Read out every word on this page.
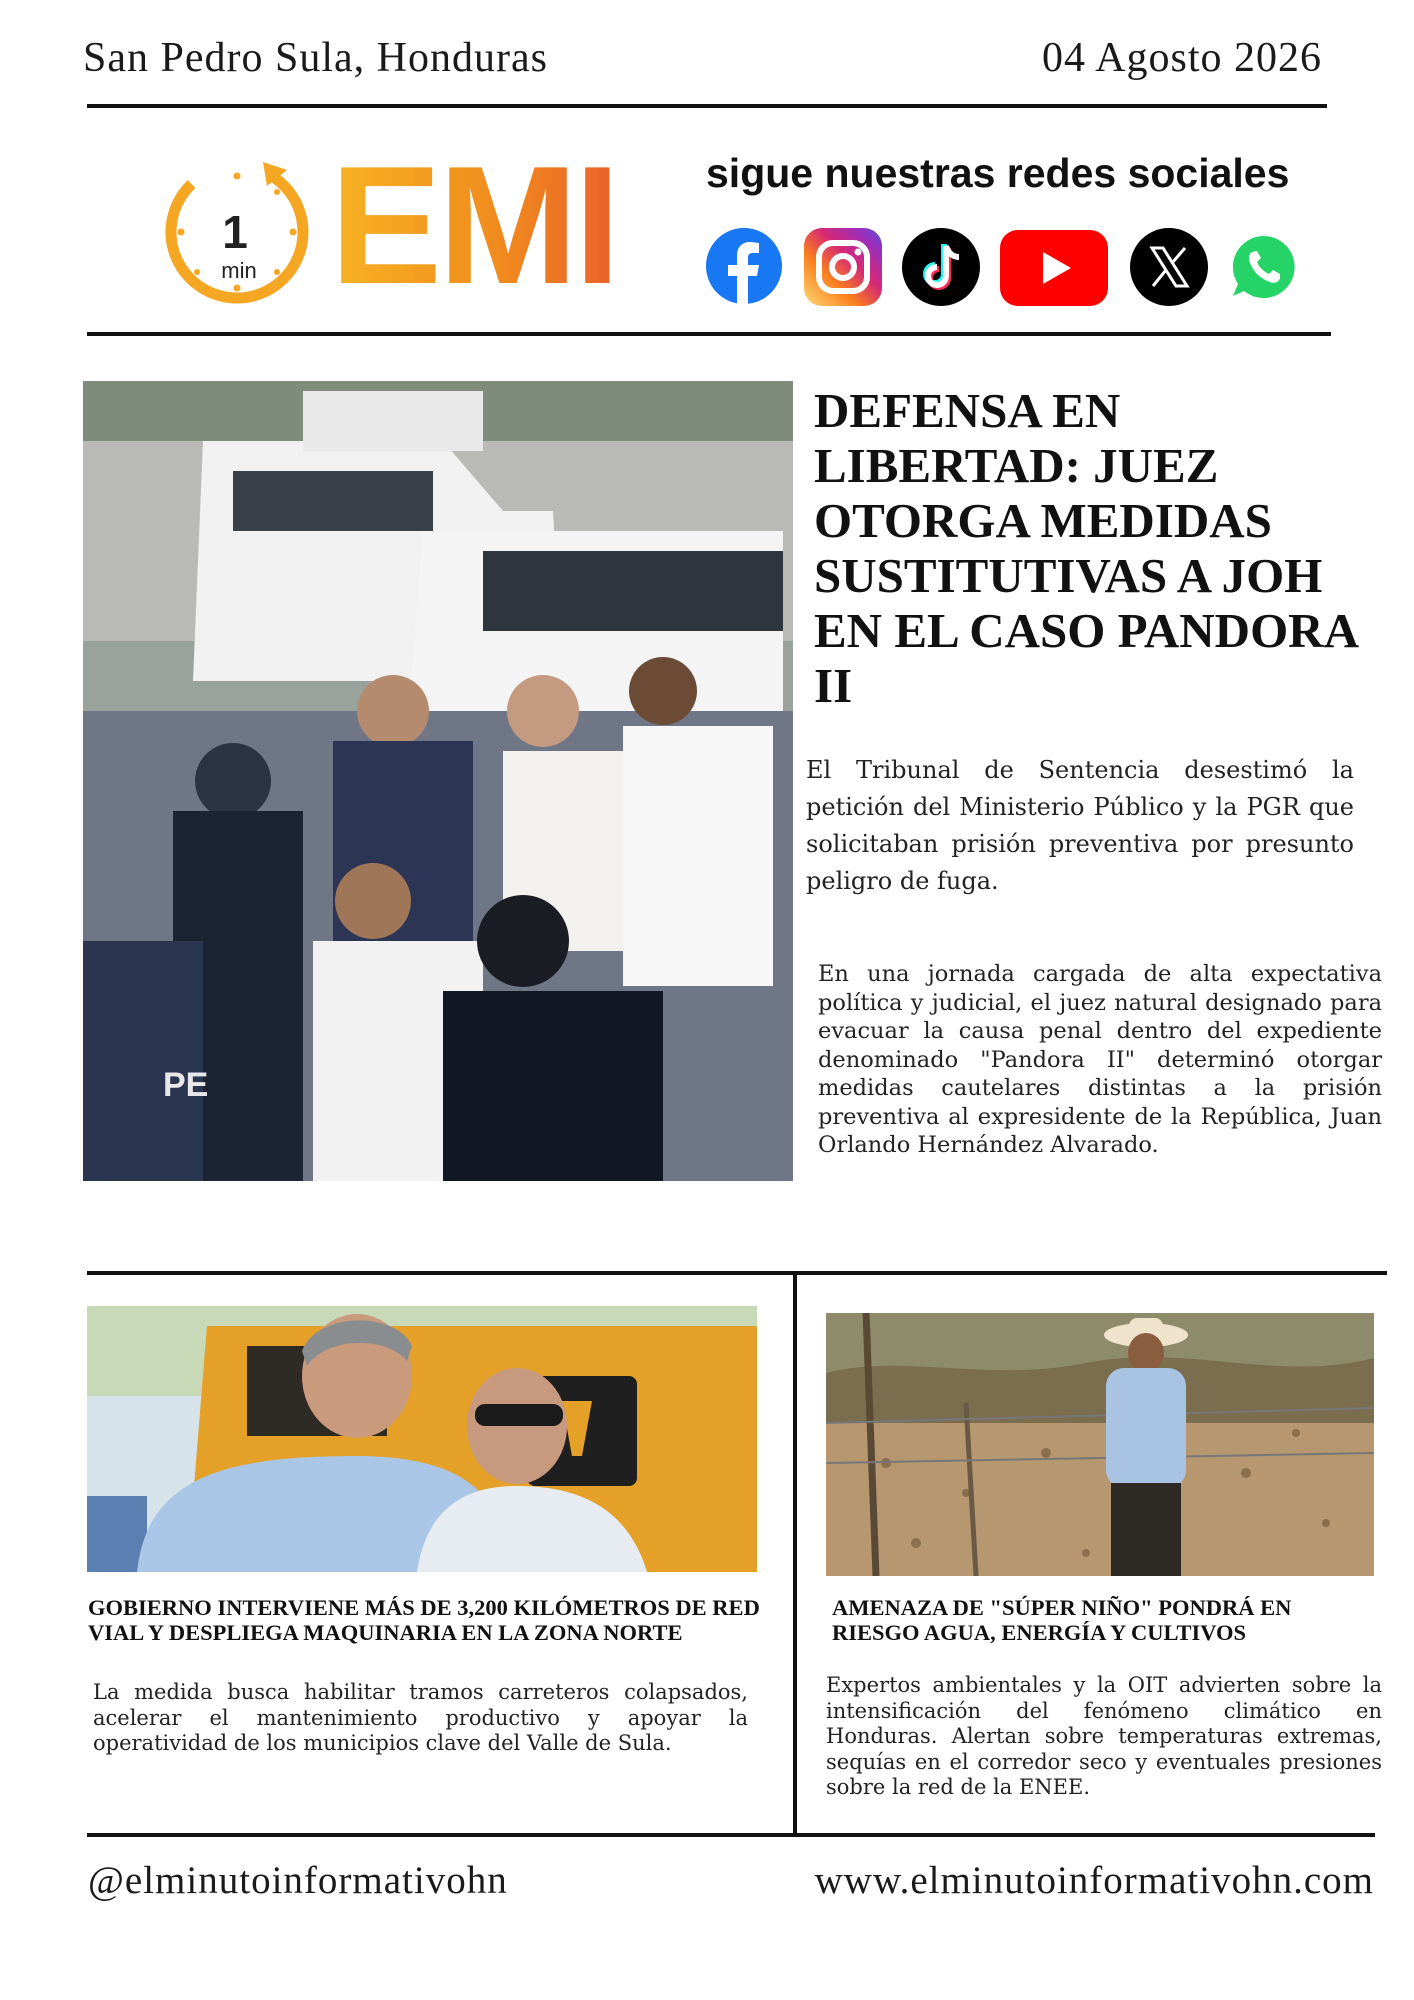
San Pedro Sula, Honduras	04 Agosto 2026
1
min EMI sigue nuestras redes sociales
PE
DEFENSA EN LIBERTAD: JUEZ OTORGA MEDIDAS SUSTITUTIVAS A JOH EN EL CASO PANDORA II
El Tribunal de Sentencia desestimó la petición del Ministerio Público y la PGR que solicitaban prisión preventiva por presunto peligro de fuga.
En una jornada cargada de alta expectativa política y judicial, el juez natural designado para evacuar la causa penal dentro del expediente denominado "Pandora II" determinó otorgar medidas cautelares distintas a la prisión preventiva al expresidente de la República, Juan Orlando Hernández Alvarado.
GOBIERNO INTERVIENE MÁS DE 3,200 KILÓMETROS DE RED VIAL Y DESPLIEGA MAQUINARIA EN LA ZONA NORTE
La medida busca habilitar tramos carreteros colapsados, acelerar el mantenimiento productivo y apoyar la operatividad de los municipios clave del Valle de Sula.
AMENAZA DE "SÚPER NIÑO" PONDRÁ EN RIESGO AGUA, ENERGÍA Y CULTIVOS
Expertos ambientales y la OIT advierten sobre la intensificación del fenómeno climático en Honduras. Alertan sobre temperaturas extremas, sequías en el corredor seco y eventuales presiones sobre la red de la ENEE.
@elminutoinformativohn	www.elminutoinformativohn.com
